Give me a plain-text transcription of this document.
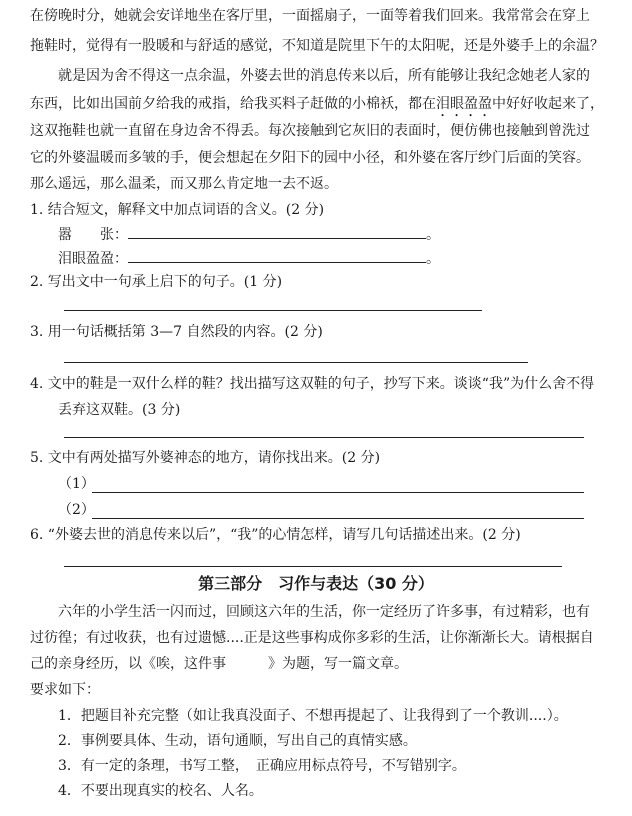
在傍晚时分，她就会安详地坐在客厅里，一面摇扇子，一面等着我们回来。我常常会在穿上
拖鞋时，觉得有一股暖和与舒适的感觉，不知道是院里下午的太阳呢，还是外婆手上的余温？
就是因为舍不得这一点余温，外婆去世的消息传来以后，所有能够让我纪念她老人家的
东西，比如出国前夕给我的戒指，给我买料子赶做的小棉袄，都在泪眼盈盈中好好收起来了，
这双拖鞋也就一直留在身边舍不得丢。每次接触到它灰旧的表面时，便仿佛也接触到曾洗过
它的外婆温暖而多皱的手，便会想起在夕阳下的园中小径，和外婆在客厅纱门后面的笑容。
那么遥远，那么温柔，而又那么肯定地一去不返。
1. 结合短文，解释文中加点词语的含义。(2 分)
嚣　　张：	。
泪眼盈盈：	。
2. 写出文中一句承上启下的句子。(1 分)
3. 用一句话概括第 3—7 自然段的内容。(2 分)
4. 文中的鞋是一双什么样的鞋？找出描写这双鞋的句子，抄写下来。谈谈“我”为什么舍不得
丢弃这双鞋。(3 分)
5. 文中有两处描写外婆神态的地方，请你找出来。(2 分)
（1）
（2）
6. “外婆去世的消息传来以后”，“我”的心情怎样，请写几句话描述出来。(2 分)
第三部分　习作与表达（30 分）
六年的小学生活一闪而过，回顾这六年的生活，你一定经历了许多事，有过精彩，也有
过彷徨；有过收获，也有过遗憾....正是这些事构成你多彩的生活，让你渐渐长大。请根据自
己的亲身经历，以《唉，这件事　　　》为题，写一篇文章。
要求如下：
1．把题目补充完整（如让我真没面子、不想再提起了、让我得到了一个教训....）。
2．事例要具体、生动，语句通顺，写出自己的真情实感。
3．有一定的条理，书写工整，　正确应用标点符号，不写错别字。
4．不要出现真实的校名、人名。
